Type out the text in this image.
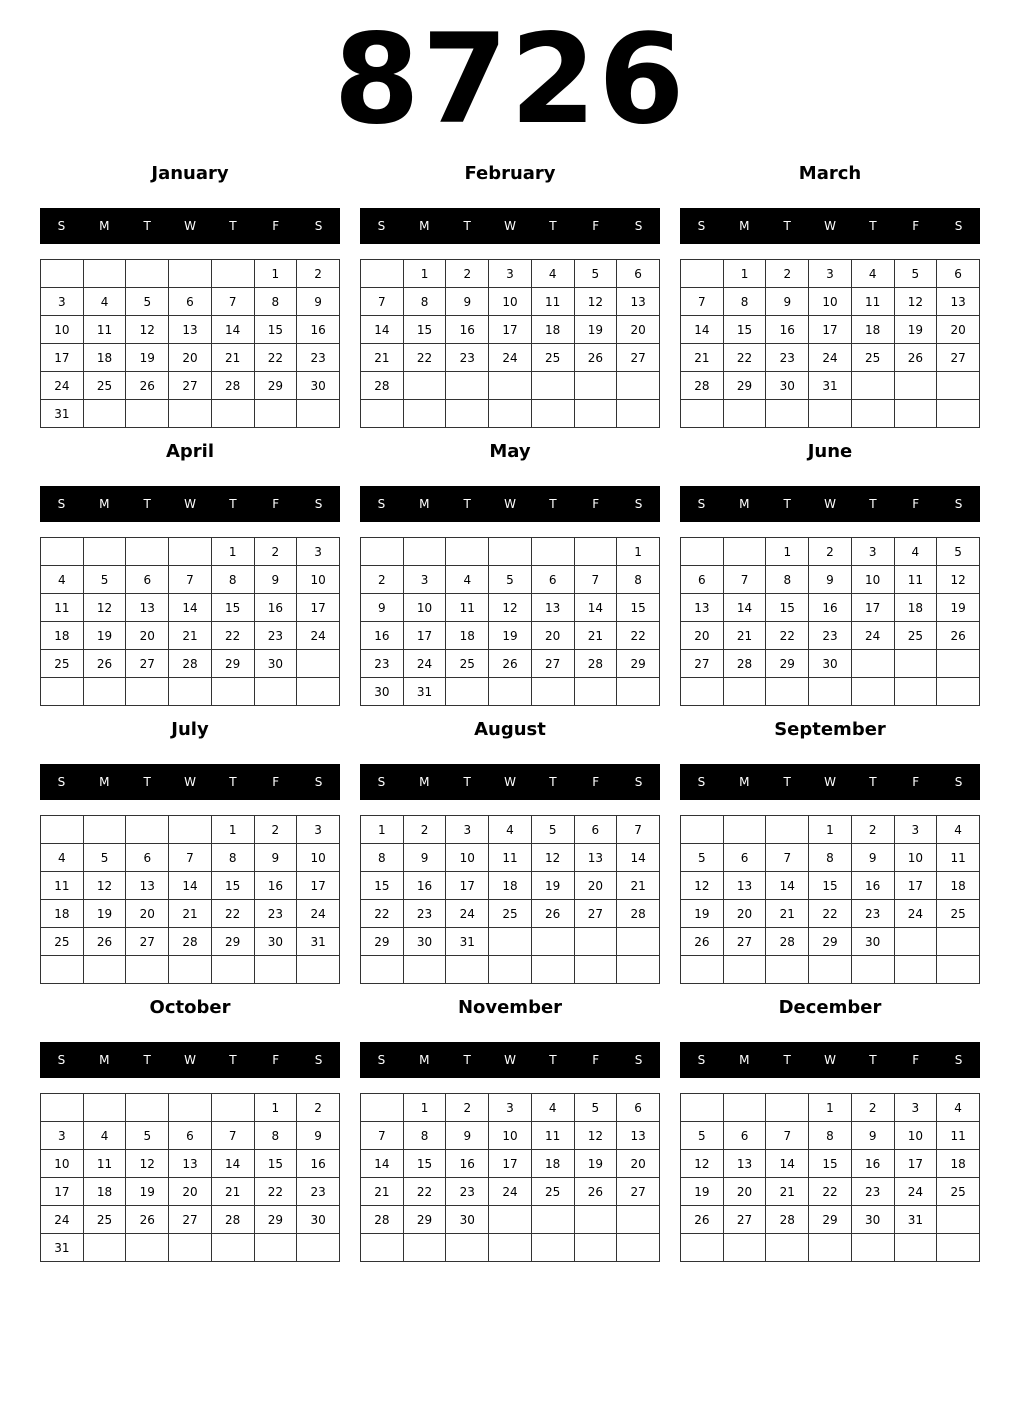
8726
January
S	M	T	W	T	F	S
					1	2
3	4	5	6	7	8	9
10	11	12	13	14	15	16
17	18	19	20	21	22	23
24	25	26	27	28	29	30
31						
February
S	M	T	W	T	F	S
	1	2	3	4	5	6
7	8	9	10	11	12	13
14	15	16	17	18	19	20
21	22	23	24	25	26	27
28						

March
S	M	T	W	T	F	S
	1	2	3	4	5	6
7	8	9	10	11	12	13
14	15	16	17	18	19	20
21	22	23	24	25	26	27
28	29	30	31			

April
S	M	T	W	T	F	S
				1	2	3
4	5	6	7	8	9	10
11	12	13	14	15	16	17
18	19	20	21	22	23	24
25	26	27	28	29	30	

May
S	M	T	W	T	F	S
						1
2	3	4	5	6	7	8
9	10	11	12	13	14	15
16	17	18	19	20	21	22
23	24	25	26	27	28	29
30	31					
June
S	M	T	W	T	F	S
		1	2	3	4	5
6	7	8	9	10	11	12
13	14	15	16	17	18	19
20	21	22	23	24	25	26
27	28	29	30			

July
S	M	T	W	T	F	S
				1	2	3
4	5	6	7	8	9	10
11	12	13	14	15	16	17
18	19	20	21	22	23	24
25	26	27	28	29	30	31

August
S	M	T	W	T	F	S
1	2	3	4	5	6	7
8	9	10	11	12	13	14
15	16	17	18	19	20	21
22	23	24	25	26	27	28
29	30	31				

September
S	M	T	W	T	F	S
			1	2	3	4
5	6	7	8	9	10	11
12	13	14	15	16	17	18
19	20	21	22	23	24	25
26	27	28	29	30		

October
S	M	T	W	T	F	S
					1	2
3	4	5	6	7	8	9
10	11	12	13	14	15	16
17	18	19	20	21	22	23
24	25	26	27	28	29	30
31						
November
S	M	T	W	T	F	S
	1	2	3	4	5	6
7	8	9	10	11	12	13
14	15	16	17	18	19	20
21	22	23	24	25	26	27
28	29	30				

December
S	M	T	W	T	F	S
			1	2	3	4
5	6	7	8	9	10	11
12	13	14	15	16	17	18
19	20	21	22	23	24	25
26	27	28	29	30	31	
